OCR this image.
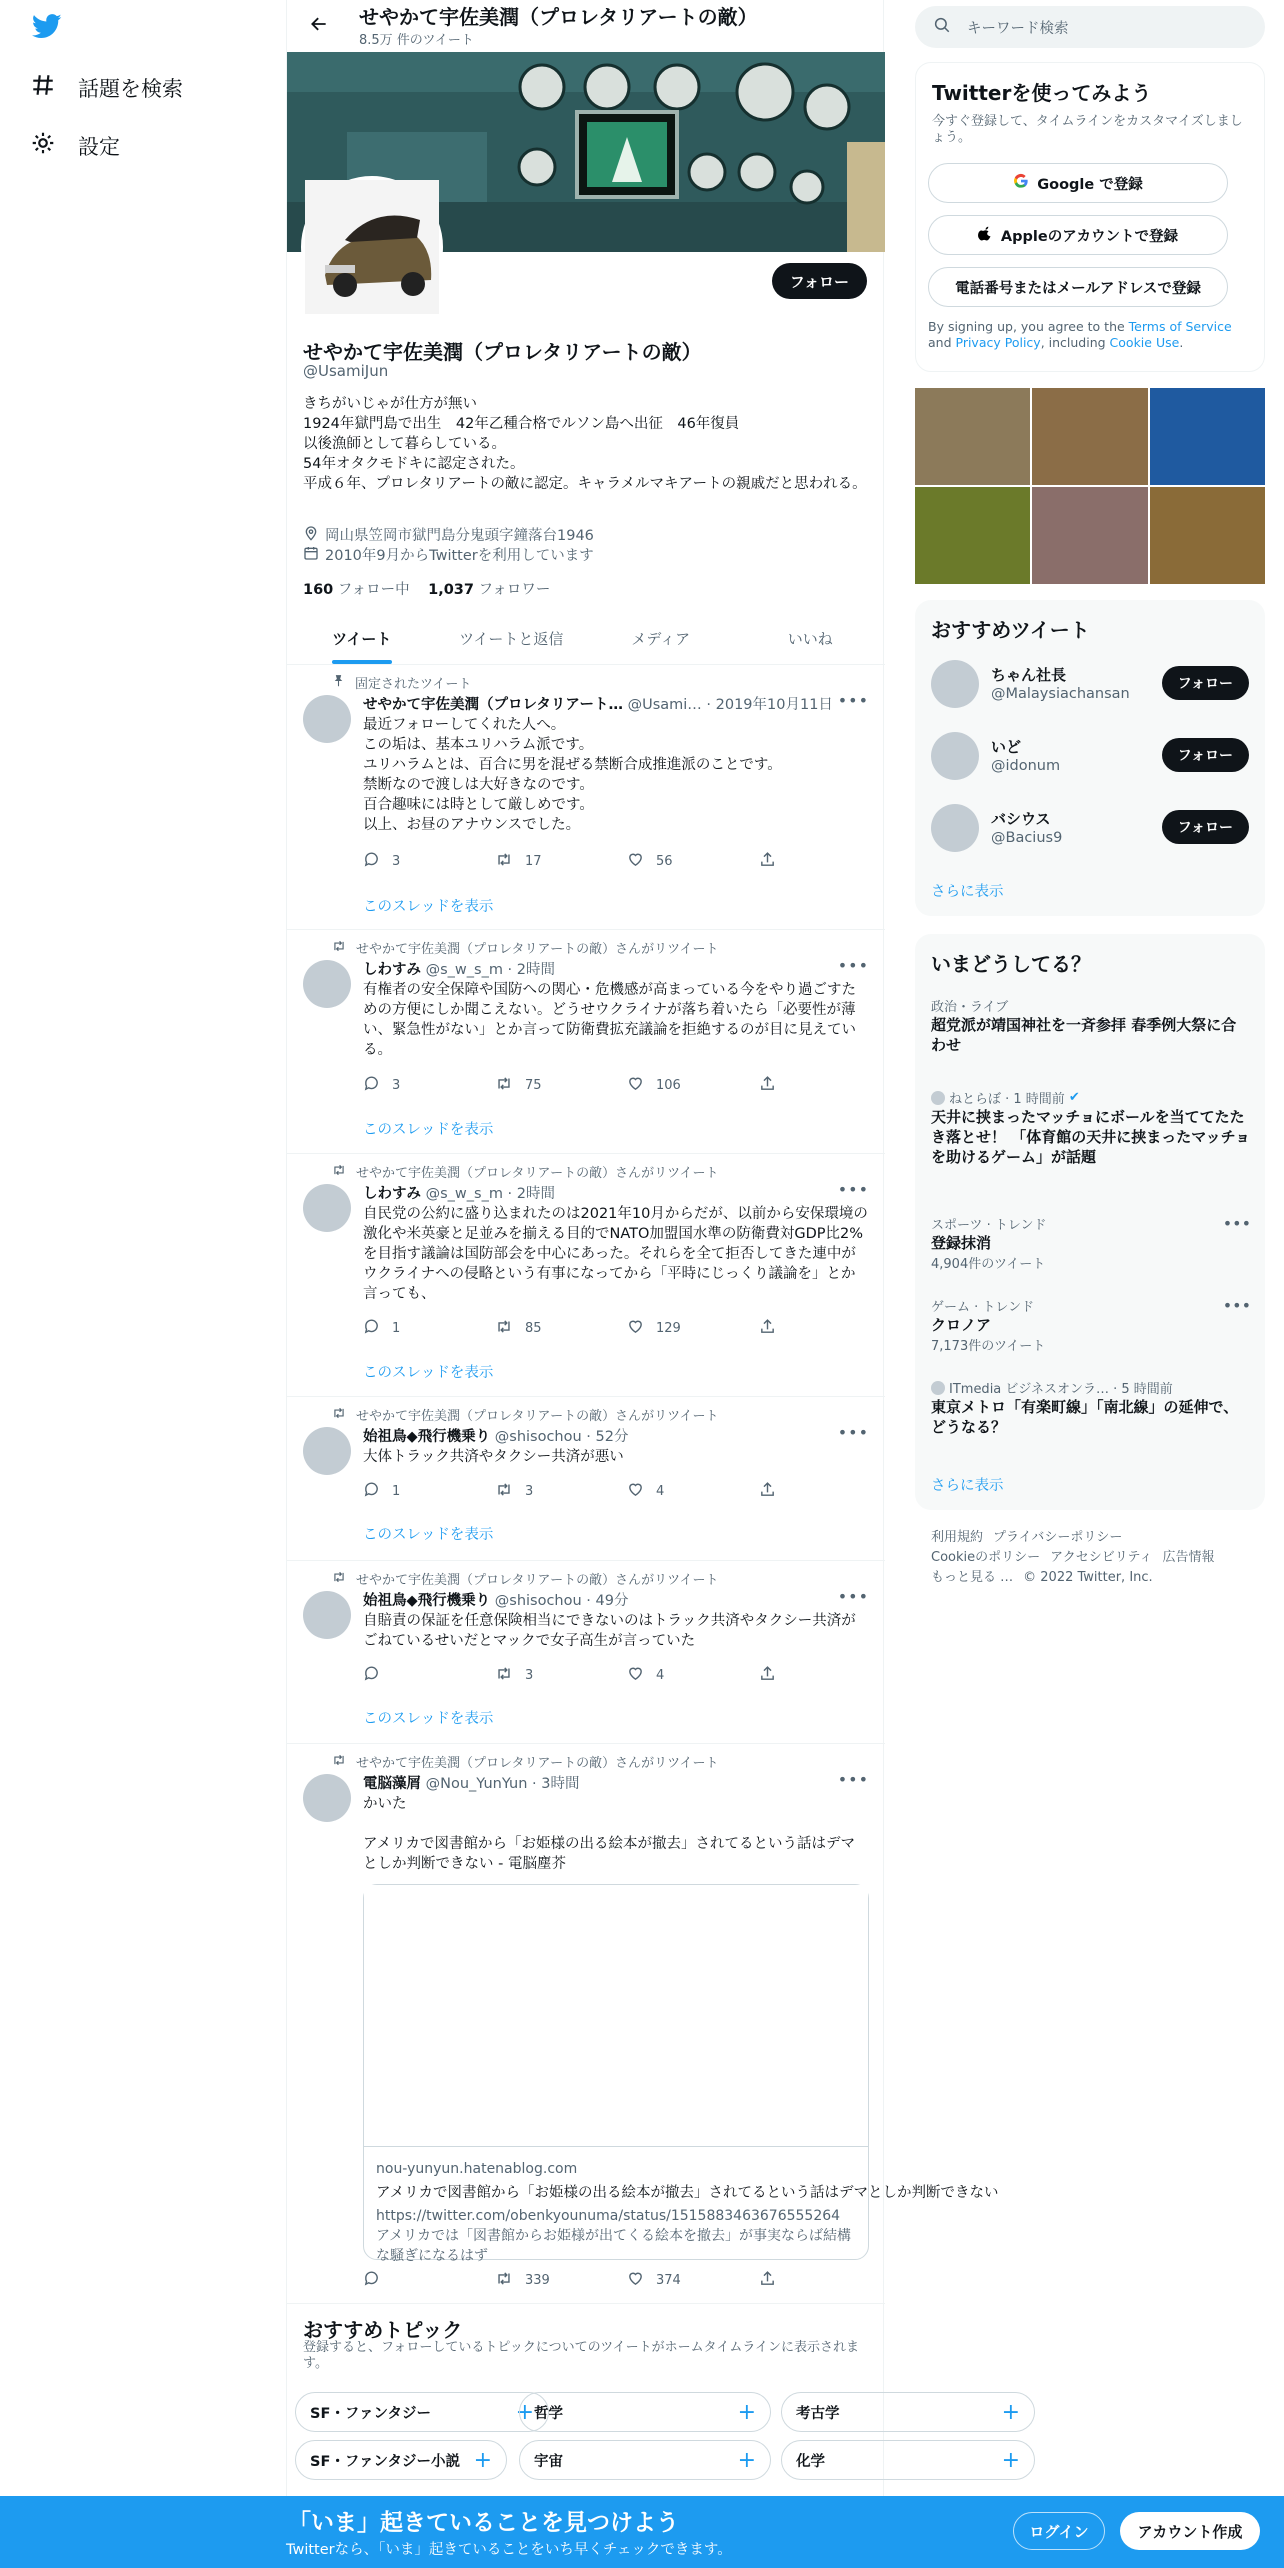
話題を検索
設定
せやかて宇佐美潤（プロレタリアートの敵）
8.5万 件のツイート
フォロー
せやかて宇佐美潤（プロレタリアートの敵）
@UsamiJun
きちがいじゃが仕方が無い
1924年獄門島で出生　42年乙種合格でルソン島へ出征　46年復員
以後漁師として暮らしている。
54年オタクモドキに認定された。
平成６年、プロレタリアートの敵に認定。キャラメルマキアートの親戚だと思われる。
岡山県笠岡市獄門島分鬼頭字鐘落台1946
2010年9月からTwitterを利用しています
160 フォロー中 1,037 フォロワー
ツイート	ツイートと返信	メディア	いいね
固定されたツイート
せやかて宇佐美潤（プロレタリアート… @Usami… · 2019年10月11日 •••
最近フォローしてくれた人へ。
この垢は、基本ユリハラム派です。
ユリハラムとは、百合に男を混ぜる禁断合成推進派のことです。
禁断なので渡しは大好きなのです。
百合趣味には時として厳しめです。
以上、お昼のアナウンスでした。
3	17	56
このスレッドを表示
せやかて宇佐美潤（プロレタリアートの敵）さんがリツイート
しわすみ @s_w_s_m · 2時間	•••
有権者の安全保障や国防への関心・危機感が高まっている今をやり過ごすための方便にしか聞こえない。どうせウクライナが落ち着いたら「必要性が薄い、緊急性がない」とか言って防衛費拡充議論を拒絶するのが目に見えている。
3	75	106
このスレッドを表示
せやかて宇佐美潤（プロレタリアートの敵）さんがリツイート
しわすみ @s_w_s_m · 2時間	•••
自民党の公約に盛り込まれたのは2021年10月からだが、以前から安保環境の激化や米英豪と足並みを揃える目的でNATO加盟国水準の防衛費対GDP比2%を目指す議論は国防部会を中心にあった。それらを全て拒否してきた連中がウクライナへの侵略という有事になってから「平時にじっくり議論を」とか言っても、
1	85	129
このスレッドを表示
せやかて宇佐美潤（プロレタリアートの敵）さんがリツイート
始祖鳥◆飛行機乗り @shisochou · 52分	•••
大体トラック共済やタクシー共済が悪い
1	3	4
このスレッドを表示
せやかて宇佐美潤（プロレタリアートの敵）さんがリツイート
始祖鳥◆飛行機乗り @shisochou · 49分	•••
自賠責の保証を任意保険相当にできないのはトラック共済やタクシー共済がごねているせいだとマックで女子高生が言っていた
3	4
このスレッドを表示
せやかて宇佐美潤（プロレタリアートの敵）さんがリツイート
電脳藻屑 @Nou_YunYun · 3時間	•••
かいた

アメリカで図書館から「お姫様の出る絵本が撤去」されてるという話はデマとしか判断できない - 電脳塵芥
nou-yunyun.hatenablog.com
アメリカで図書館から「お姫様の出る絵本が撤去」されてるという話はデマとしか判断できない
https://twitter.com/obenkyounuma/status/1515883463676555264 アメリカでは「図書館からお姫様が出てくる絵本を撤去」が事実ならば結構な騒ぎになるはず
339	374
おすすめトピック
登録すると、フォローしているトピックについてのツイートがホームタイムラインに表示されます。
SF・ファンタジー	+ 哲学	+	考古学	+
SF・ファンタジー小説 +	宇宙	+	化学	+
キーワード検索
Twitterを使ってみよう
今すぐ登録して、タイムラインをカスタマイズしましょう。
Google で登録
Appleのアカウントで登録
電話番号またはメールアドレスで登録
By signing up, you agree to the Terms of Service and Privacy Policy, including Cookie Use.
おすすめツイート
ちゃん社長
@Malaysiachansan
フォロー
いど
@idonum
フォロー
バシウス
@Bacius9
フォロー
さらに表示
いまどうしてる？
政治・ライブ
超党派が靖国神社を一斉参拝 春季例大祭に合わせ
ねとらぼ · 1 時間前 ✔
天井に挟まったマッチョにボールを当ててたたき落とせ！ 「体育館の天井に挟まったマッチョを助けるゲーム」が話題
スポーツ · トレンド
登録抹消
4,904件のツイート
•••
ゲーム · トレンド
クロノア
7,173件のツイート
•••
ITmedia ビジネスオンラ… · 5 時間前
東京メトロ「有楽町線」「南北線」の延伸で、どうなる？
さらに表示
利用規約 プライバシーポリシー
Cookieのポリシー アクセシビリティ 広告情報
もっと見る … © 2022 Twitter, Inc.
「いま」起きていることを見つけよう
Twitterなら、「いま」起きていることをいち早くチェックできます。
ログイン	アカウント作成
